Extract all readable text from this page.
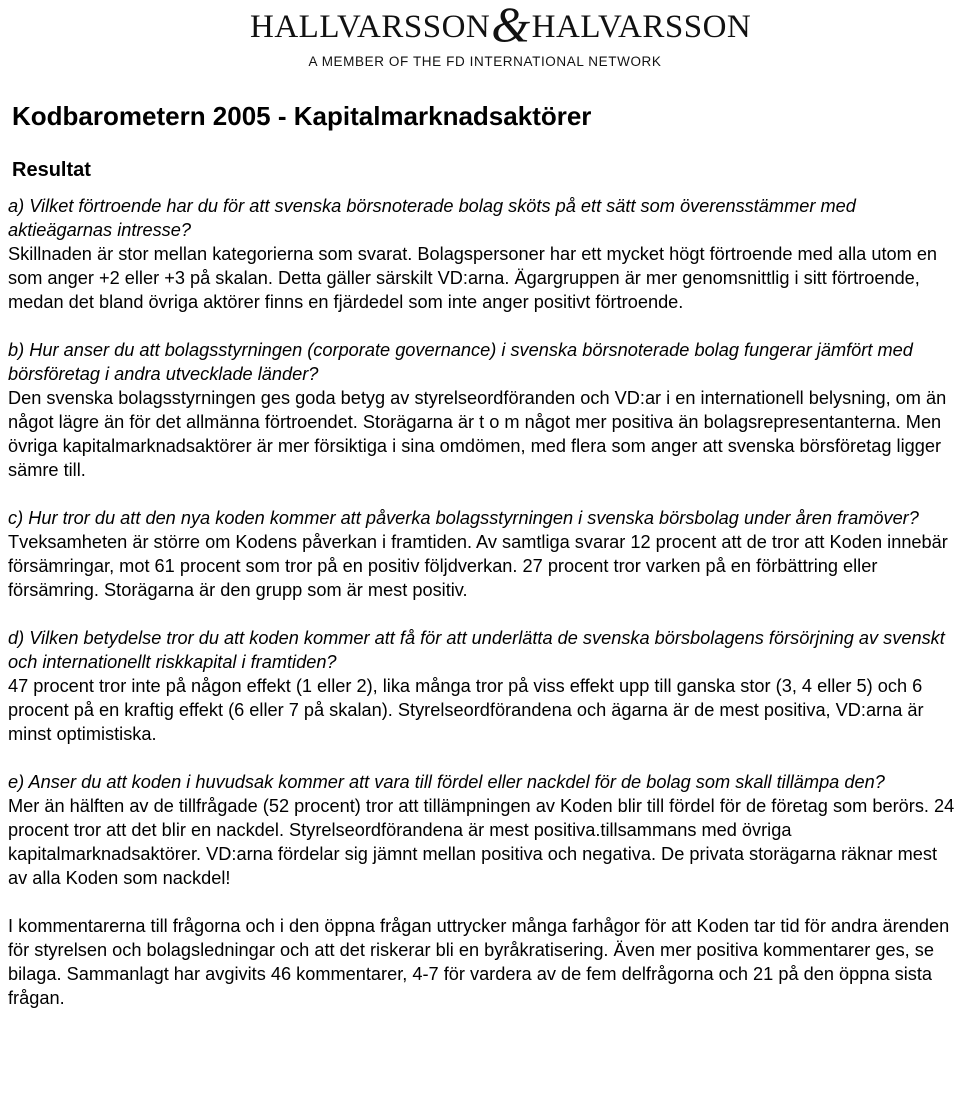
HALLVARSSON&HALVARSSON
A MEMBER OF THE FD INTERNATIONAL NETWORK
Kodbarometern 2005 - Kapitalmarknadsaktörer
Resultat

a) Vilket förtroende har du för att svenska börsnoterade bolag sköts på ett sätt som överensstämmer med aktieägarnas intresse?

Skillnaden är stor mellan kategorierna som svarat. Bolagspersoner har ett mycket högt förtroende med alla utom en som anger +2 eller +3 på skalan. Detta gäller särskilt VD:arna. Ägargruppen är mer genomsnittlig i sitt förtroende, medan det bland övriga aktörer finns en fjärdedel som inte anger positivt förtroende.

b) Hur anser du att bolagsstyrningen (corporate governance) i svenska börsnoterade bolag fungerar jämfört med börsföretag i andra utvecklade länder?

Den svenska bolagsstyrningen ges goda betyg av styrelseordföranden och VD:ar i en internationell belysning, om än något lägre än för det allmänna förtroendet. Storägarna är t o m något mer positiva än bolagsrepresentanterna. Men övriga kapitalmarknadsaktörer är mer försiktiga i sina omdömen, med flera som anger att svenska börsföretag ligger sämre till.

c) Hur tror du att den nya koden kommer att påverka bolagsstyrningen i svenska börsbolag under åren framöver?

Tveksamheten är större om Kodens påverkan i framtiden. Av samtliga svarar 12 procent att de tror att Koden innebär försämringar, mot 61 procent som tror på en positiv följdverkan. 27 procent tror varken på en förbättring eller försämring. Storägarna är den grupp som är mest positiv.

d) Vilken betydelse tror du att koden kommer att få för att underlätta de svenska börsbolagens försörjning av svenskt och internationellt riskkapital i framtiden?

47 procent tror inte på någon effekt (1 eller 2), lika många tror på viss effekt upp till ganska stor (3, 4 eller 5) och 6 procent på en kraftig effekt (6 eller 7 på skalan). Styrelseordförandena och ägarna är de mest positiva, VD:arna är minst optimistiska.

e) Anser du att koden i huvudsak kommer att vara till fördel eller nackdel för de bolag som skall tillämpa den?

Mer än hälften av de tillfrågade (52 procent) tror att tillämpningen av Koden blir till fördel för de företag som berörs. 24 procent tror att det blir en nackdel. Styrelseordförandena är mest positiva.tillsammans med övriga kapitalmarknadsaktörer. VD:arna fördelar sig jämnt mellan positiva och negativa. De privata storägarna räknar mest av alla Koden som nackdel!

I kommentarerna till frågorna och i den öppna frågan uttrycker många farhågor för att Koden tar tid för andra ärenden för styrelsen och bolagsledningar och att det riskerar bli en byråkratisering. Även mer positiva kommentarer ges, se bilaga. Sammanlagt har avgivits 46 kommentarer, 4-7 för vardera av de fem delfrågorna och 21 på den öppna sista frågan.
